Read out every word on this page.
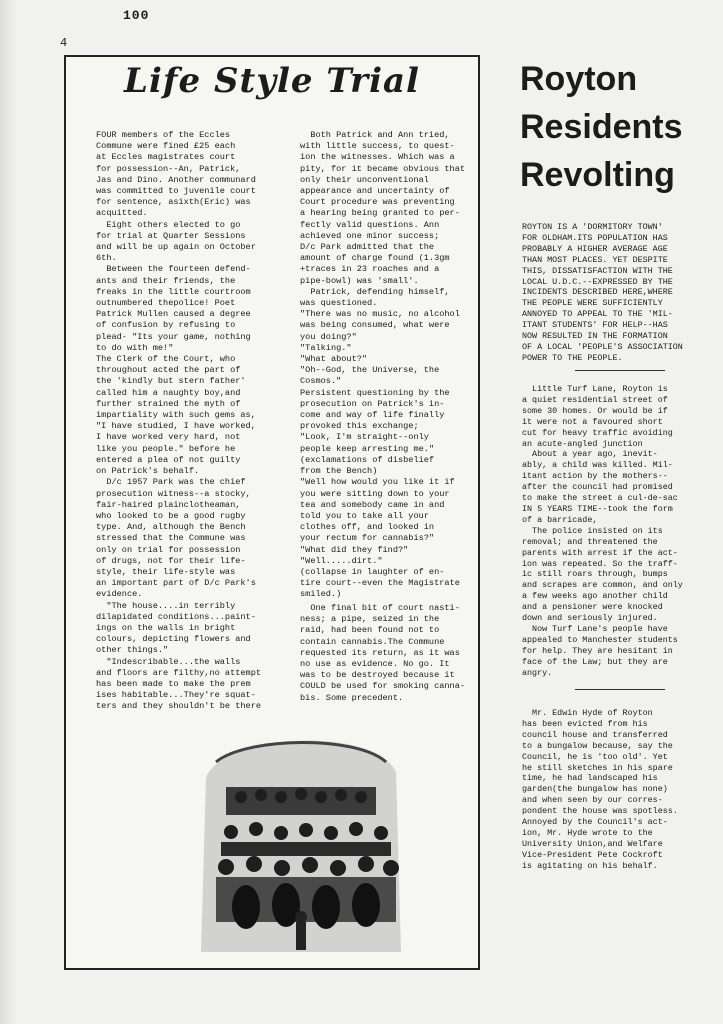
100
4
Life Style Trial
FOUR members of the Eccles
Commune were fined £25 each
at Eccles magistrates court
for possession--An, Patrick,
Jas and Dino. Another communard
was committed to juvenile court
for sentence, asixth(Eric) was
acquitted.
Eight others elected to go
for trial at Quarter Sessions
and will be up again on October
6th.
Between the fourteen defend-
ants and their friends, the
freaks in the little courtroom
outnumbered thepolice! Poet
Patrick Mullen caused a degree
of confusion by refusing to
plead- "Its your game, nothing
to do with me!"
The Clerk of the Court, who
throughout acted the part of
the 'kindly but stern father'
called him a naughty boy,and
further strained the myth of
impartiality with such gems as,
"I have studied, I have worked,
I have worked very hard, not
like you people." before he
entered a plea of not guilty
on Patrick's behalf.
D/c 1957 Park was the chief
prosecution witness--a stocky,
fair-haired plainclotheaman,
who looked to be a good rugby
type. And, although the Bench
stressed that the Commune was
only on trial for possession
of drugs, not for their life-
style, their life-style was
an important part of D/c Park's
evidence.
"The house....in terribly
dilapidated conditions...paint-
ings on the walls in bright
colours, depicting flowers and
other things."
"Indescribable...the walls
and floors are filthy,no attempt
has been made to make the prem
ises habitable...They're squat-
ters and they shouldn't be there
Both Patrick and Ann tried,
with little success, to quest-
ion the witnesses. Which was a
pity, for it became obvious that
only their unconventional
appearance and uncertainty of
Court procedure was preventing
a hearing being granted to per-
fectly valid questions. Ann
achieved one minor success;
D/c Park admitted that the
amount of charge found (1.3gm
+traces in 23 roaches and a
pipe-bowl) was 'small'.
Patrick, defending himself,
was questioned.
"There was no music, no alcohol
was being consumed, what were
you doing?"
"Talking."
"What about?"
"Oh--God, the Universe, the
Cosmos."
Persistent questioning by the
prosecution on Patrick's in-
come and way of life finally
provoked this exchange;
"Look, I'm straight--only
people keep arresting me."
(exclamations of disbelief
from the Bench)
"Well how would you like it if
you were sitting down to your
tea and somebody came in and
told you to take all your
clothes off, and looked in
your rectum for cannabis?"
"What did they find?"
"Well.....dirt."
(collapse in laughter of en-
tire court--even the Magistrate
smiled.)
One final bit of court nasti-
ness; a pipe, seized in the
raid, had been found not to
contain cannabis.The Commune
requested its return, as it was
no use as evidence. No go. It
was to be destroyed because it
COULD be used for smoking canna-
bis. Some precedent.
Royton
Residents
Revolting
ROYTON IS A 'DORMITORY TOWN'
FOR OLDHAM.ITS POPULATION HAS
PROBABLY A HIGHER AVERAGE AGE
THAN MOST PLACES. YET DESPITE
THIS, DISSATISFACTION WITH THE
LOCAL U.D.C.--EXPRESSED BY THE
INCIDENTS DESCRIBED HERE,WHERE
THE PEOPLE WERE SUFFICIENTLY
ANNOYED TO APPEAL TO THE 'MIL-
ITANT STUDENTS' FOR HELP--HAS
NOW RESULTED IN THE FORMATION
OF A LOCAL 'PEOPLE'S ASSOCIATION
POWER TO THE PEOPLE.
Little Turf Lane, Royton is
a quiet residential street of
some 30 homes. Or would be if
it were not a favoured short
cut for heavy traffic avoiding
an acute-angled junction
About a year ago, inevit-
ably, a child was killed. Mil-
itant action by the mothers--
after the council had promised
to make the street a cul-de-sac
IN 5 YEARS TIME--took the form
of a barricade,
The police insisted on its
removal; and threatened the
parents with arrest if the act-
ion was repeated. So the traff-
ic still roars through, bumps
and scrapes are common, and only
a few weeks ago another child
and a pensioner were knocked
down and seriously injured.
Now Turf Lane's people have
appealed to Manchester students
for help. They are hesitant in
face of the Law; but they are
angry.
Mr. Edwin Hyde of Royton
has been evicted from his
council house and transferred
to a bungalow because, say the
Council, he is 'too old'. Yet
he still sketches in his spare
time, he had landscaped his
garden(the bungalow has none)
and when seen by our corres-
pondent the house was spotless.
Annoyed by the Council's act-
ion, Mr. Hyde wrote to the
University Union,and Welfare
Vice-President Pete Cockroft
is agitating on his behalf.
